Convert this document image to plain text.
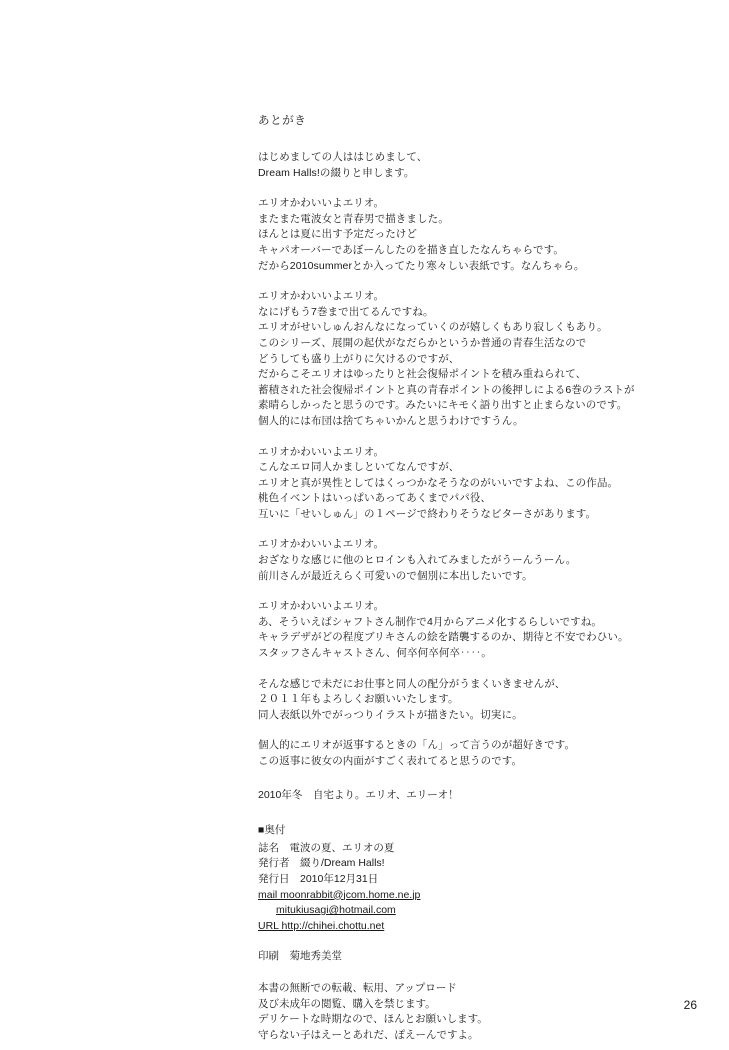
あとがき
はじめましての人ははじめまして、
Dream Halls!の綴りと申します。
エリオかわいいよエリオ。
またまた電波女と青春男で描きました。
ほんとは夏に出す予定だったけど
キャパオーバーであぼーんしたのを描き直したなんちゃらです。
だから2010summerとか入ってたり寒々しい表紙です。なんちゃら。
エリオかわいいよエリオ。
なにげもう7巻まで出てるんですね。
エリオがせいしゅんおんなになっていくのが嬉しくもあり寂しくもあり。
このシリーズ、展開の起伏がなだらかというか普通の青春生活なので
どうしても盛り上がりに欠けるのですが、
だからこそエリオはゆったりと社会復帰ポイントを積み重ねられて、
蓄積された社会復帰ポイントと真の青春ポイントの後押しによる6巻のラストが
素晴らしかったと思うのです。みたいにキモく語り出すと止まらないのです。
個人的には布団は捨てちゃいかんと思うわけですうん。
エリオかわいいよエリオ。
こんなエロ同人かましといてなんですが、
エリオと真が異性としてはくっつかなそうなのがいいですよね、この作品。
桃色イベントはいっぱいあってあくまでパパ役、
互いに「せいしゅん」の１ページで終わりそうなビターさがあります。
エリオかわいいよエリオ。
おざなりな感じに他のヒロインも入れてみましたがうーんうーん。
前川さんが最近えらく可愛いので個別に本出したいです。
エリオかわいいよエリオ。
あ、そういえばシャフトさん制作で4月からアニメ化するらしいですね。
キャラデザがどの程度ブリキさんの絵を踏襲するのか、期待と不安でわひい。
スタッフさんキャストさん、何卒何卒何卒‥‥。
そんな感じで未だにお仕事と同人の配分がうまくいきませんが、
２０１１年もよろしくお願いいたします。
同人表紙以外でがっつりイラストが描きたい。切実に。
個人的にエリオが返事するときの「ん」って言うのが超好きです。
この返事に彼女の内面がすごく表れてると思うのです。
2010年冬　自宅より。エリオ、エリーオ！
■奥付
誌名　電波の夏、エリオの夏
発行者　綴り/Dream Halls!
発行日　2010年12月31日
mail moonrabbit@jcom.home.ne.jp
mitukiusagi@hotmail.com
URL http://chihei.chottu.net
印刷　菊地秀美堂
本書の無断での転載、転用、アップロード
及び未成年の閲覧、購入を禁じます。
デリケートな時期なので、ほんとお願いします。
守らない子はえーとあれだ、ぽえーんですよ。
26
